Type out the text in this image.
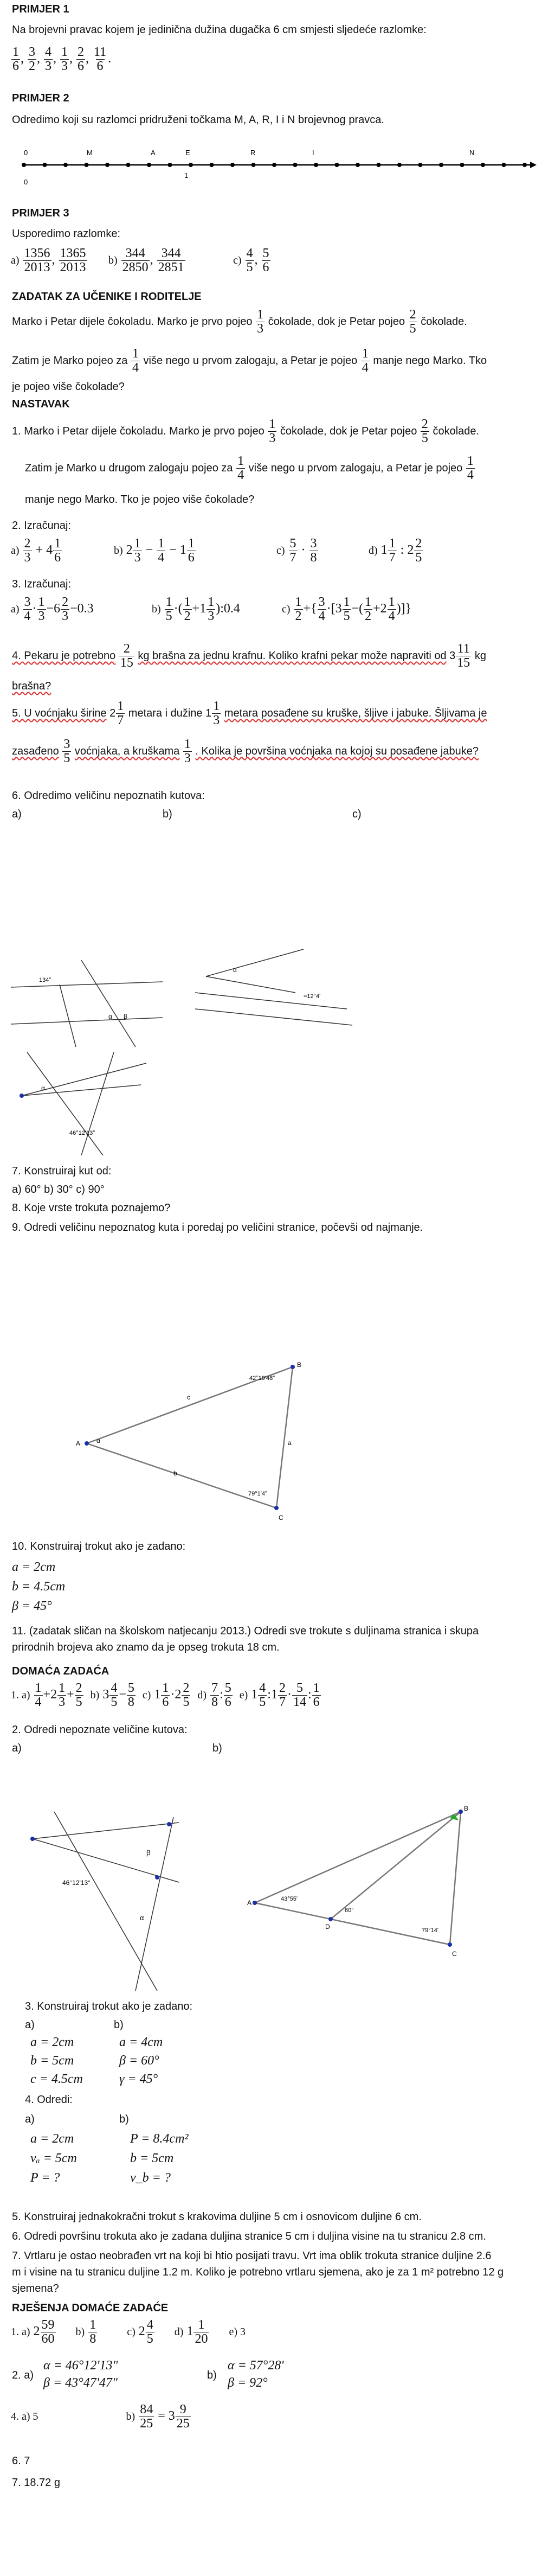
PRIMJER 1
Na brojevni pravac kojem je jedinična dužina dugačka 6 cm smjesti sljedeće razlomke:
$\frac{1}{6}$ , $\frac{3}{2}$ , $\frac{4}{3}$ , $\frac{1}{3}$ , $\frac{2}{6}$ , $\frac{11}{6}$ .
PRIMJER 2
Odredimo koji su razlomci pridruženi točkama M, A, R, I i N brojevnog pravca.
0	M	A	E	R	I	N
0
1
PRIMJER 3
Usporedimo razlomke:
$a) \frac{1356}{2013}$ , $\frac{1365}{2013} b) \frac{344}{2850}$ , $\frac{344}{2851}$	$c) \frac{4}{5}$ , $\frac{5}{6}$
ZADATAK ZA UČENIKE I RODITELJE
Marko i Petar dijele čokoladu. Marko je prvo pojeo $\frac{1}{3}$ čokolade, dok je Petar pojeo $\frac{2}{5}$ čokolade.
Zatim je Marko pojeo za $\frac{1}{4}$ više nego u prvom zalogaju, a Petar je pojeo $\frac{1}{4}$ manje nego Marko. Tko
je pojeo više čokolade?
NASTAVAK
1. Marko i Petar dijele čokoladu. Marko je prvo pojeo $\frac{1}{3}$ čokolade, dok je Petar pojeo $\frac{2}{5}$ čokolade.
Zatim je Marko u drugom zalogaju pojeo za $\frac{1}{4}$ više nego u prvom zalogaju, a Petar je pojeo $\frac{1}{4}$
manje nego Marko. Tko je pojeo više čokolade?
2. Izračunaj:
$a) \frac{2}{3} + 4 \frac{1}{6}$	b) $2 \frac{1}{3} - \frac{1}{4} - 1 \frac{1}{6}$	$c) \frac{5}{7} \cdot \frac{3}{8}$	d) $1 \frac{1}{7}$ : $2 \frac{2}{5}$
3. Izračunaj:
$a) \frac{3}{4} \cdot \frac{1}{3} -6 \frac{2}{3} -0.3$	$b) \frac{1}{5}$ ·( $\frac{1}{2} +1 \frac{1}{3}$ ):0.4	$c) \frac{1}{2}$ +{ $\frac{3}{4} \cdot[3 \frac{1}{5}$ −( $\frac{1}{2} +2 \frac{1}{4}$ )]}
4. Pekaru je potrebno $\frac{2}{15}$ kg brašna za jednu krafnu. Koliko krafni pekar može napraviti od $3 \frac{11}{15}$ kg
brašna?
5. U voćnjaku širine $2 \frac{1}{7}$ metara i dužine $1 \frac{1}{3}$ metara posađene su kruške, šljive i jabuke. Šljivama je
zasađeno $\frac{3}{5}$ voćnjaka, a kruškama $\frac{1}{3}$ . Kolika je površina voćnjaka na kojoj su posađene jabuke?
6. Odredimo veličinu nepoznatih kutova:
a)	b)	c)
134°
α β
α
=12°4ʹ
α
46°12ʹ13ʺ
7. Konstruiraj kut od:
a) 60° b) 30° c) 90°
8. Koje vrste trokuta poznajemo?
9. Odredi veličinu nepoznatog kuta i poredaj po veličini stranice, počevši od najmanje.
B
A
C
42°19ʹ48ʺ
79°1ʹ4ʺ
a
b
c
α
10. Konstruiraj trokut ako je zadano:
a = 2cm
b = 4.5cm
β = 45°
11. (zadatak sličan na školskom natjecanju 2013.) Odredi sve trokute s duljinama stranica i skupa
prirodnih brojeva ako znamo da je opseg trokuta 18 cm.
DOMAĆA ZADAĆA
1. $a) \frac{1}{4} +2 \frac{1}{3} + \frac{2}{5} b$) $3 \frac{4}{5} - \frac{5}{8} c$) $1 \frac{1}{6} \cdot 2 \frac{2}{5} d) \frac{7}{8}$ : $\frac{5}{6} e$) $1 \frac{4}{5}$ :1 $\frac{2}{7} \cdot \frac{5}{14}$ : $\frac{1}{6}$
2. Odredi nepoznate veličine kutova:
a)	b)
46°12ʹ13ʺ
β
α
43°55ʹ
60°
79°14ʹ
A
B
C
D
3. Konstruiraj trokut ako je zadano:
a)	b)
a = 2cm
b = 5cm
c = 4.5cm
a = 4cm
β = 60°
γ = 45°
4. Odredi:
a)	b)
a = 2cm
vₐ = 5cm
P = ?
P = 8.4cm²
b = 5cm
v_b = ?
5. Konstruiraj jednakokračni trokut s krakovima duljine 5 cm i osnovicom duljine 6 cm.
6. Odredi površinu trokuta ako je zadana duljina stranice 5 cm i duljina visine na tu stranicu 2.8 cm.
7. Vrtlaru je ostao neobrađen vrt na koji bi htio posijati travu. Vrt ima oblik trokuta stranice duljine 2.6
m i visine na tu stranicu duljine 1.2 m. Koliko je potrebno vrtlaru sjemena, ako je za 1 m² potrebno 12 g
sjemena?
RJEŠENJA DOMAĆE ZADAĆE
1. a) $2 \frac{59}{60} b) \frac{1}{8}$	c) $2 \frac{4}{5} d$) $1 \frac{1}{20} e$) 3
2. a)
α = 46°12ʹ13ʺ
β = 43°47ʹ47ʺ
b)
α = 57°28ʹ
β = 92°
4. a) 5	$b) \frac{84}{25} = 3 \frac{9}{25}$
6. 7
7. 18.72 g
